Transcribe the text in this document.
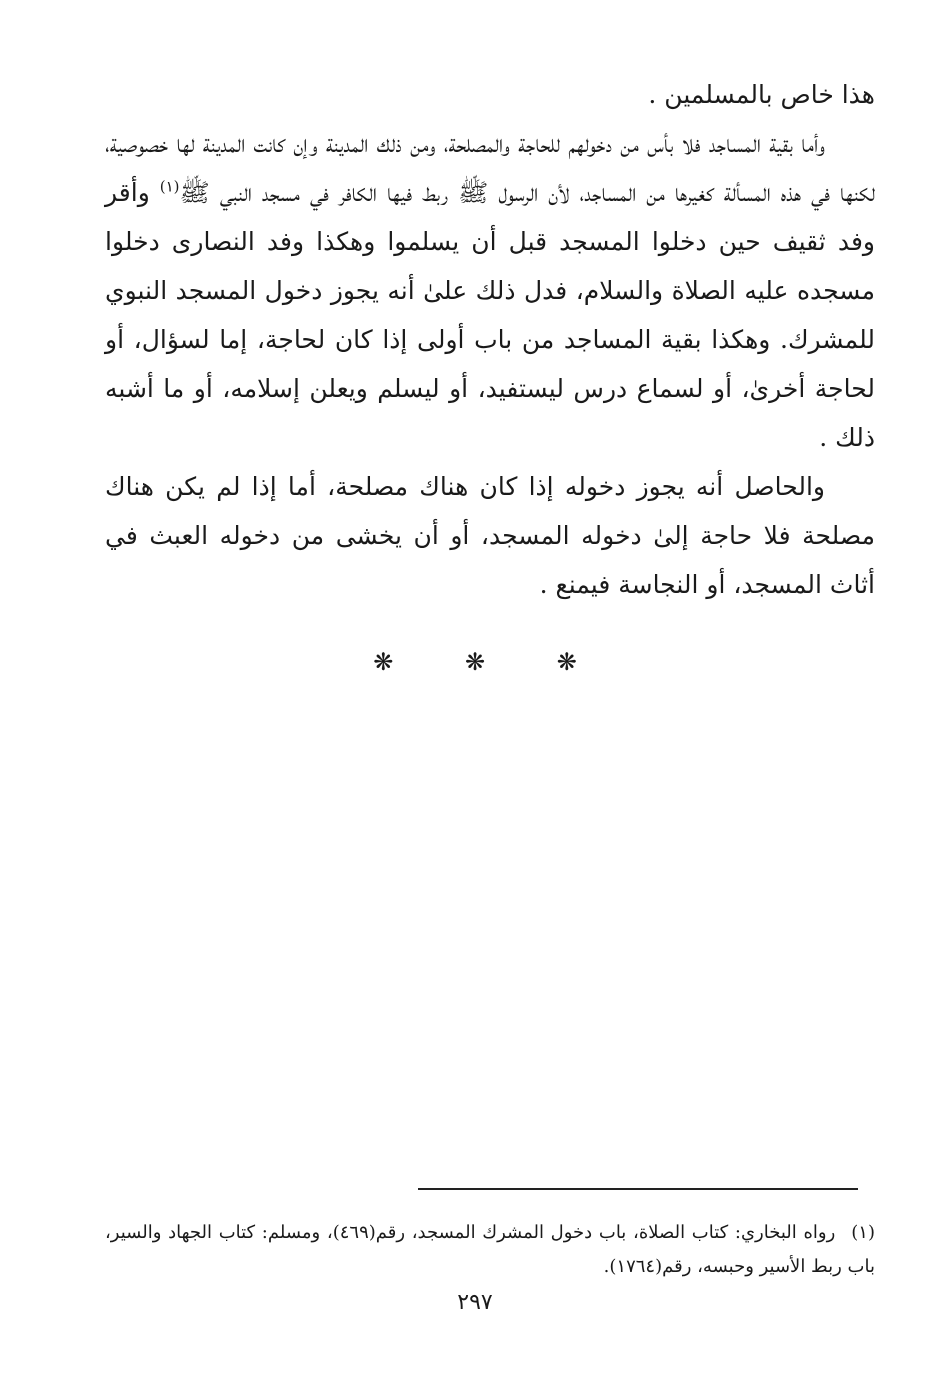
هذا خاص بالمسلمين .

وأما بقية المساجد فلا بأس من دخولهم للحاجة والمصلحة، ومن ذلك المدينة وإن كانت المدينة لها خصوصية، لكنها في هذه المسألة كغيرها من المساجد، لأن الرسول ﷺ ربط فيها الكافر في مسجد النبي ﷺ$^{(١)}$ وأقر وفد ثقيف حين دخلوا المسجد قبل أن يسلموا وهكذا وفد النصارى دخلوا مسجده عليه الصلاة والسلام، فدل ذلك علىٰ أنه يجوز دخول المسجد النبوي للمشرك. وهكذا بقية المساجد من باب أولى إذا كان لحاجة، إما لسؤال، أو لحاجة أخرىٰ، أو لسماع درس ليستفيد، أو ليسلم ويعلن إسلامه، أو ما أشبه ذلك .

والحاصل أنه يجوز دخوله إذا كان هناك مصلحة، أما إذا لم يكن هناك مصلحة فلا حاجة إلىٰ دخوله المسجد، أو أن يخشى من دخوله العبث في أثاث المسجد، أو النجاسة فيمنع .

❋ ❋ ❋
(١)رواه البخاري: كتاب الصلاة، باب دخول المشرك المسجد، رقم(٤٦٩)، ومسلم: كتاب الجهاد والسير، باب ربط الأسير وحبسه، رقم(١٧٦٤).
٢٩٧
